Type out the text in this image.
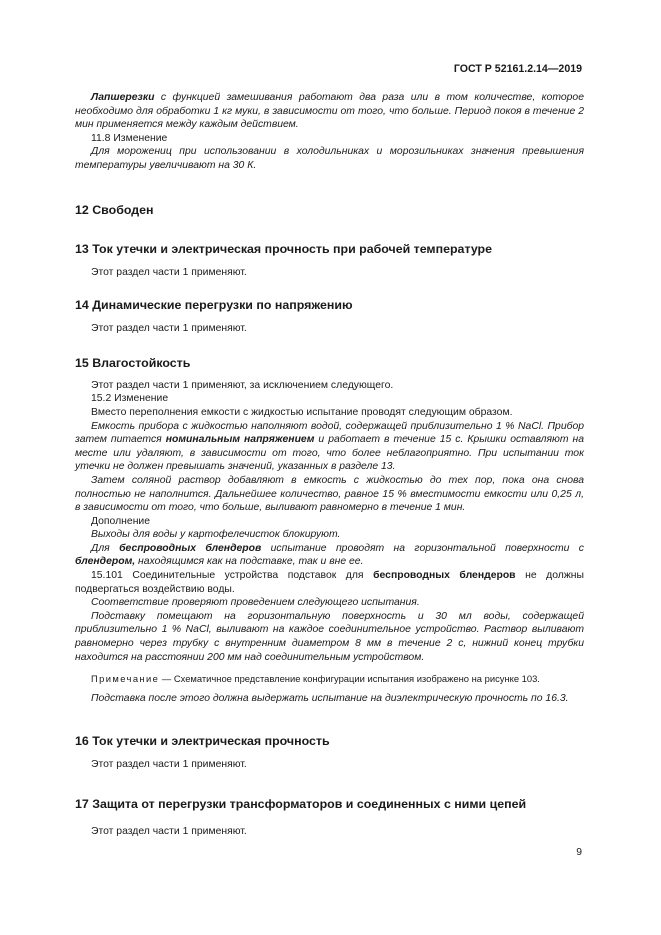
ГОСТ Р 52161.2.14—2019

Лапшерезки с функцией замешивания работают два раза или в том количестве, которое необходимо для обработки 1 кг муки, в зависимости от того, что больше. Период покоя в течение 2 мин применяется между каждым действием.

11.8 Изменение

Для морожениц при использовании в холодильниках и морозильниках значения превышения температуры увеличивают на 30 К.

12 Свободен
13 Ток утечки и электрическая прочность при рабочей температуре

Этот раздел части 1 применяют.

14 Динамические перегрузки по напряжению

Этот раздел части 1 применяют.

15 Влагостойкость

Этот раздел части 1 применяют, за исключением следующего.

15.2 Изменение

Вместо переполнения емкости с жидкостью испытание проводят следующим образом.

Емкость прибора с жидкостью наполняют водой, содержащей приблизительно 1 % NaCl. Прибор затем питается номинальным напряжением и работает в течение 15 с. Крышки оставляют на месте или удаляют, в зависимости от того, что более неблагоприятно. При испытании ток утечки не должен превышать значений, указанных в разделе 13.

Затем соляной раствор добавляют в емкость с жидкостью до тех пор, пока она снова полностью не наполнится. Дальнейшее количество, равное 15 % вместимости емкости или 0,25 л, в зависимости от того, что больше, выливают равномерно в течение 1 мин.

Дополнение

Выходы для воды у картофелечисток блокируют.

Для беспроводных блендеров испытание проводят на горизонтальной поверхности с блендером, находящимся как на подставке, так и вне ее.

15.101 Соединительные устройства подставок для беспроводных блендеров не должны подвергаться воздействию воды.

Соответствие проверяют проведением следующего испытания.

Подставку помещают на горизонтальную поверхность и 30 мл воды, содержащей приблизительно 1 % NaCl, выливают на каждое соединительное устройство. Раствор выливают равномерно через трубку с внутренним диаметром 8 мм в течение 2 с, нижний конец трубки находится на расстоянии 200 мм над соединительным устройством.

Примечание — Схематичное представление конфигурации испытания изображено на рисунке 103.

Подставка после этого должна выдержать испытание на диэлектрическую прочность по 16.3.

16 Ток утечки и электрическая прочность

Этот раздел части 1 применяют.

17 Защита от перегрузки трансформаторов и соединенных с ними цепей

Этот раздел части 1 применяют.

9
